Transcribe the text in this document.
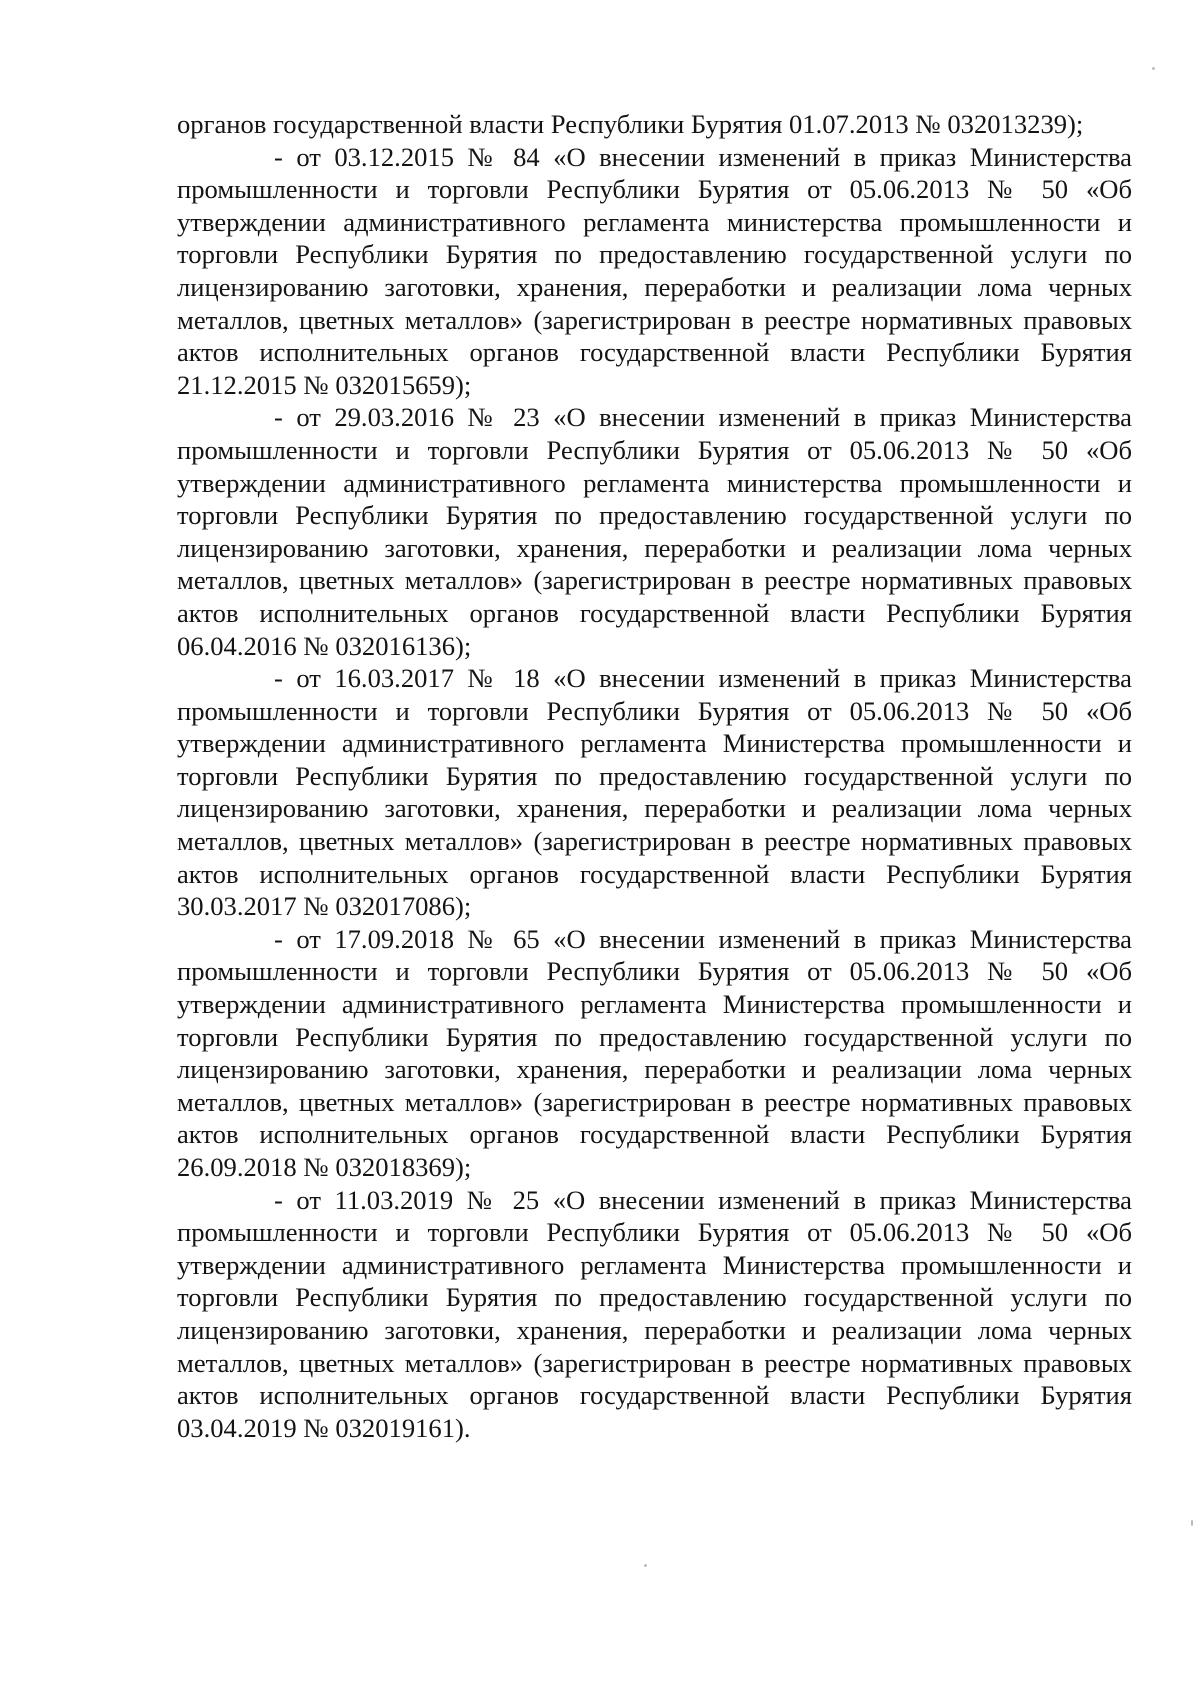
органов государственной власти Республики Бурятия 01.07.2013 № 032013239);

- от 03.12.2015 № 84 «О внесении изменений в приказ Министерства промышленности и торговли Республики Бурятия от 05.06.2013 № 50 «Об утверждении административного регламента министерства промышленности и торговли Республики Бурятия по предоставлению государственной услуги по лицензированию заготовки, хранения, переработки и реализации лома черных металлов, цветных металлов» (зарегистрирован в реестре нормативных правовых актов исполнительных органов государственной власти Республики Бурятия 21.12.2015 № 032015659);

- от 29.03.2016 № 23 «О внесении изменений в приказ Министерства промышленности и торговли Республики Бурятия от 05.06.2013 № 50 «Об утверждении административного регламента министерства промышленности и торговли Республики Бурятия по предоставлению государственной услуги по лицензированию заготовки, хранения, переработки и реализации лома черных металлов, цветных металлов» (зарегистрирован в реестре нормативных правовых актов исполнительных органов государственной власти Республики Бурятия 06.04.2016 № 032016136);

- от 16.03.2017 № 18 «О внесении изменений в приказ Министерства промышленности и торговли Республики Бурятия от 05.06.2013 № 50 «Об утверждении административного регламента Министерства промышленности и торговли Республики Бурятия по предоставлению государственной услуги по лицензированию заготовки, хранения, переработки и реализации лома черных металлов, цветных металлов» (зарегистрирован в реестре нормативных правовых актов исполнительных органов государственной власти Республики Бурятия 30.03.2017 № 032017086);

- от 17.09.2018 № 65 «О внесении изменений в приказ Министерства промышленности и торговли Республики Бурятия от 05.06.2013 № 50 «Об утверждении административного регламента Министерства промышленности и торговли Республики Бурятия по предоставлению государственной услуги по лицензированию заготовки, хранения, переработки и реализации лома черных металлов, цветных металлов» (зарегистрирован в реестре нормативных правовых актов исполнительных органов государственной власти Республики Бурятия 26.09.2018 № 032018369);

- от 11.03.2019 № 25 «О внесении изменений в приказ Министерства промышленности и торговли Республики Бурятия от 05.06.2013 № 50 «Об утверждении административного регламента Министерства промышленности и торговли Республики Бурятия по предоставлению государственной услуги по лицензированию заготовки, хранения, переработки и реализации лома черных металлов, цветных металлов» (зарегистрирован в реестре нормативных правовых актов исполнительных органов государственной власти Республики Бурятия 03.04.2019 № 032019161).
